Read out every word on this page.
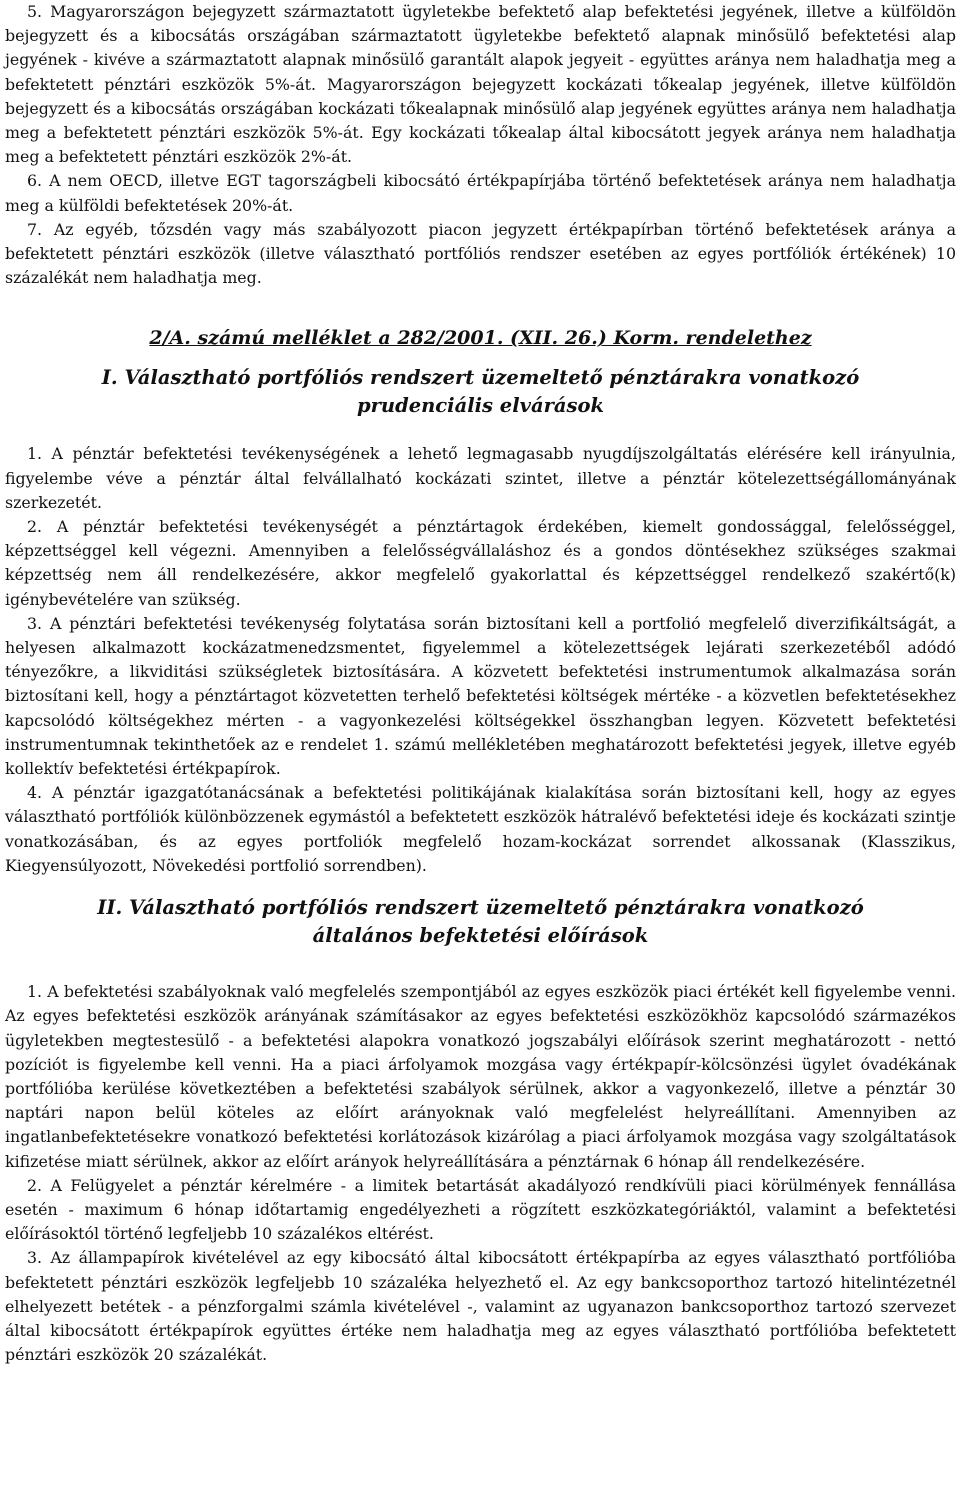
5. Magyarországon bejegyzett származtatott ügyletekbe befektető alap befektetési jegyének, illetve a külföldön bejegyzett és a kibocsátás országában származtatott ügyletekbe befektető alapnak minősülő befektetési alap jegyének - kivéve a származtatott alapnak minősülő garantált alapok jegyeit - együttes aránya nem haladhatja meg a befektetett pénztári eszközök 5%-át. Magyarországon bejegyzett kockázati tőkealap jegyének, illetve külföldön bejegyzett és a kibocsátás országában kockázati tőkealapnak minősülő alap jegyének együttes aránya nem haladhatja meg a befektetett pénztári eszközök 5%-át. Egy kockázati tőkealap által kibocsátott jegyek aránya nem haladhatja meg a befektetett pénztári eszközök 2%-át.

6. A nem OECD, illetve EGT tagországbeli kibocsátó értékpapírjába történő befektetések aránya nem haladhatja meg a külföldi befektetések 20%-át.

7. Az egyéb, tőzsdén vagy más szabályozott piacon jegyzett értékpapírban történő befektetések aránya a befektetett pénztári eszközök (illetve választható portfóliós rendszer esetében az egyes portfóliók értékének) 10 százalékát nem haladhatja meg.

2/A. számú melléklet a 282/2001. (XII. 26.) Korm. rendelethez
I. Választható portfóliós rendszert üzemeltető pénztárakra vonatkozó prudenciális elvárások

1. A pénztár befektetési tevékenységének a lehető legmagasabb nyugdíjszolgáltatás elérésére kell irányulnia, figyelembe véve a pénztár által felvállalható kockázati szintet, illetve a pénztár kötelezettségállományának szerkezetét.

2. A pénztár befektetési tevékenységét a pénztártagok érdekében, kiemelt gondossággal, felelősséggel, képzettséggel kell végezni. Amennyiben a felelősségvállaláshoz és a gondos döntésekhez szükséges szakmai képzettség nem áll rendelkezésére, akkor megfelelő gyakorlattal és képzettséggel rendelkező szakértő(k) igénybevételére van szükség.

3. A pénztári befektetési tevékenység folytatása során biztosítani kell a portfolió megfelelő diverzifikáltságát, a helyesen alkalmazott kockázatmenedzsmentet, figyelemmel a kötelezettségek lejárati szerkezetéből adódó tényezőkre, a likviditási szükségletek biztosítására. A közvetett befektetési instrumentumok alkalmazása során biztosítani kell, hogy a pénztártagot közvetetten terhelő befektetési költségek mértéke - a közvetlen befektetésekhez kapcsolódó költségekhez mérten - a vagyonkezelési költségekkel összhangban legyen. Közvetett befektetési instrumentumnak tekinthetőek az e rendelet 1. számú mellékletében meghatározott befektetési jegyek, illetve egyéb kollektív befektetési értékpapírok.

4. A pénztár igazgatótanácsának a befektetési politikájának kialakítása során biztosítani kell, hogy az egyes választható portfóliók különbözzenek egymástól a befektetett eszközök hátralévő befektetési ideje és kockázati szintje vonatkozásában, és az egyes portfoliók megfelelő hozam-kockázat sorrendet alkossanak (Klasszikus, Kiegyensúlyozott, Növekedési portfolió sorrendben).

II. Választható portfóliós rendszert üzemeltető pénztárakra vonatkozó általános befektetési előírások

1. A befektetési szabályoknak való megfelelés szempontjából az egyes eszközök piaci értékét kell figyelembe venni. Az egyes befektetési eszközök arányának számításakor az egyes befektetési eszközökhöz kapcsolódó származékos ügyletekben megtestesülő - a befektetési alapokra vonatkozó jogszabályi előírások szerint meghatározott - nettó pozíciót is figyelembe kell venni. Ha a piaci árfolyamok mozgása vagy értékpapír-kölcsönzési ügylet óvadékának portfólióba kerülése következtében a befektetési szabályok sérülnek, akkor a vagyonkezelő, illetve a pénztár 30 naptári napon belül köteles az előírt arányoknak való megfelelést helyreállítani. Amennyiben az ingatlanbefektetésekre vonatkozó befektetési korlátozások kizárólag a piaci árfolyamok mozgása vagy szolgáltatások kifizetése miatt sérülnek, akkor az előírt arányok helyreállítására a pénztárnak 6 hónap áll rendelkezésére.

2. A Felügyelet a pénztár kérelmére - a limitek betartását akadályozó rendkívüli piaci körülmények fennállása esetén - maximum 6 hónap időtartamig engedélyezheti a rögzített eszközkategóriáktól, valamint a befektetési előírásoktól történő legfeljebb 10 százalékos eltérést.

3. Az állampapírok kivételével az egy kibocsátó által kibocsátott értékpapírba az egyes választható portfólióba befektetett pénztári eszközök legfeljebb 10 százaléka helyezhető el. Az egy bankcsoporthoz tartozó hitelintézetnél elhelyezett betétek - a pénzforgalmi számla kivételével -, valamint az ugyanazon bankcsoporthoz tartozó szervezet által kibocsátott értékpapírok együttes értéke nem haladhatja meg az egyes választható portfólióba befektetett pénztári eszközök 20 százalékát.
